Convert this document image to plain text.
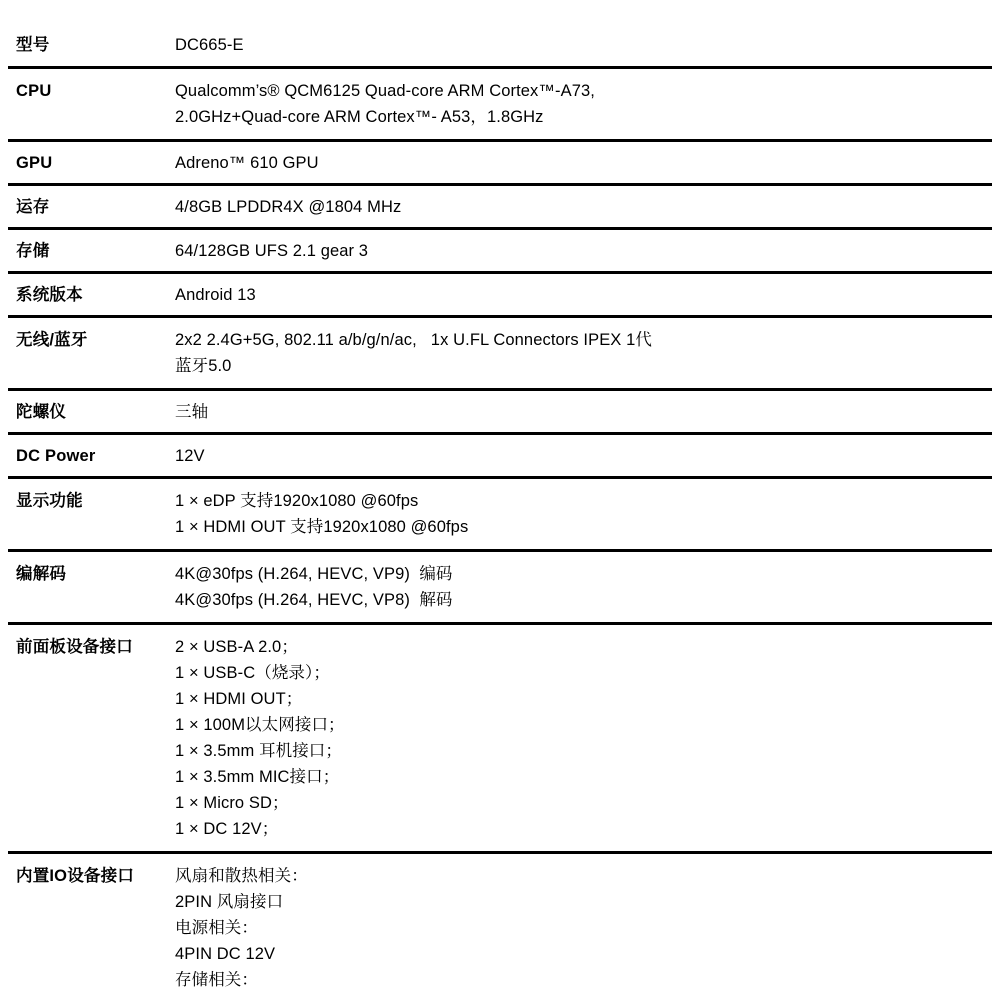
型号	DC665-E
CPU	Qualcomm’s® QCM6125 Quad-core ARM Cortex™-A73,
2.0GHz+Quad-core ARM Cortex™- A53，1.8GHz
GPU	Adreno™ 610 GPU
运存	4/8GB LPDDR4X @1804 MHz
存储	64/128GB UFS 2.1 gear 3
系统版本	Android 13
无线/蓝牙	2x2 2.4G+5G, 802.11 a/b/g/n/ac,   1x U.FL Connectors IPEX 1代
蓝牙5.0
陀螺仪	三轴
DC Power	12V
显示功能	1 × eDP 支持1920x1080 @60fps
1 × HDMI OUT 支持1920x1080 @60fps
编解码	4K@30fps (H.264, HEVC, VP9)  编码
4K@30fps (H.264, HEVC, VP8)  解码
前面板设备接口	2 × USB-A 2.0；
1 × USB-C（烧录）；
1 × HDMI OUT；
1 × 100M以太网接口；
1 × 3.5mm 耳机接口；
1 × 3.5mm MIC接口；
1 × Micro SD；
1 × DC 12V；
内置IO设备接口	风扇和散热相关：
2PIN 风扇接口
电源相关：
4PIN DC 12V
存储相关：
